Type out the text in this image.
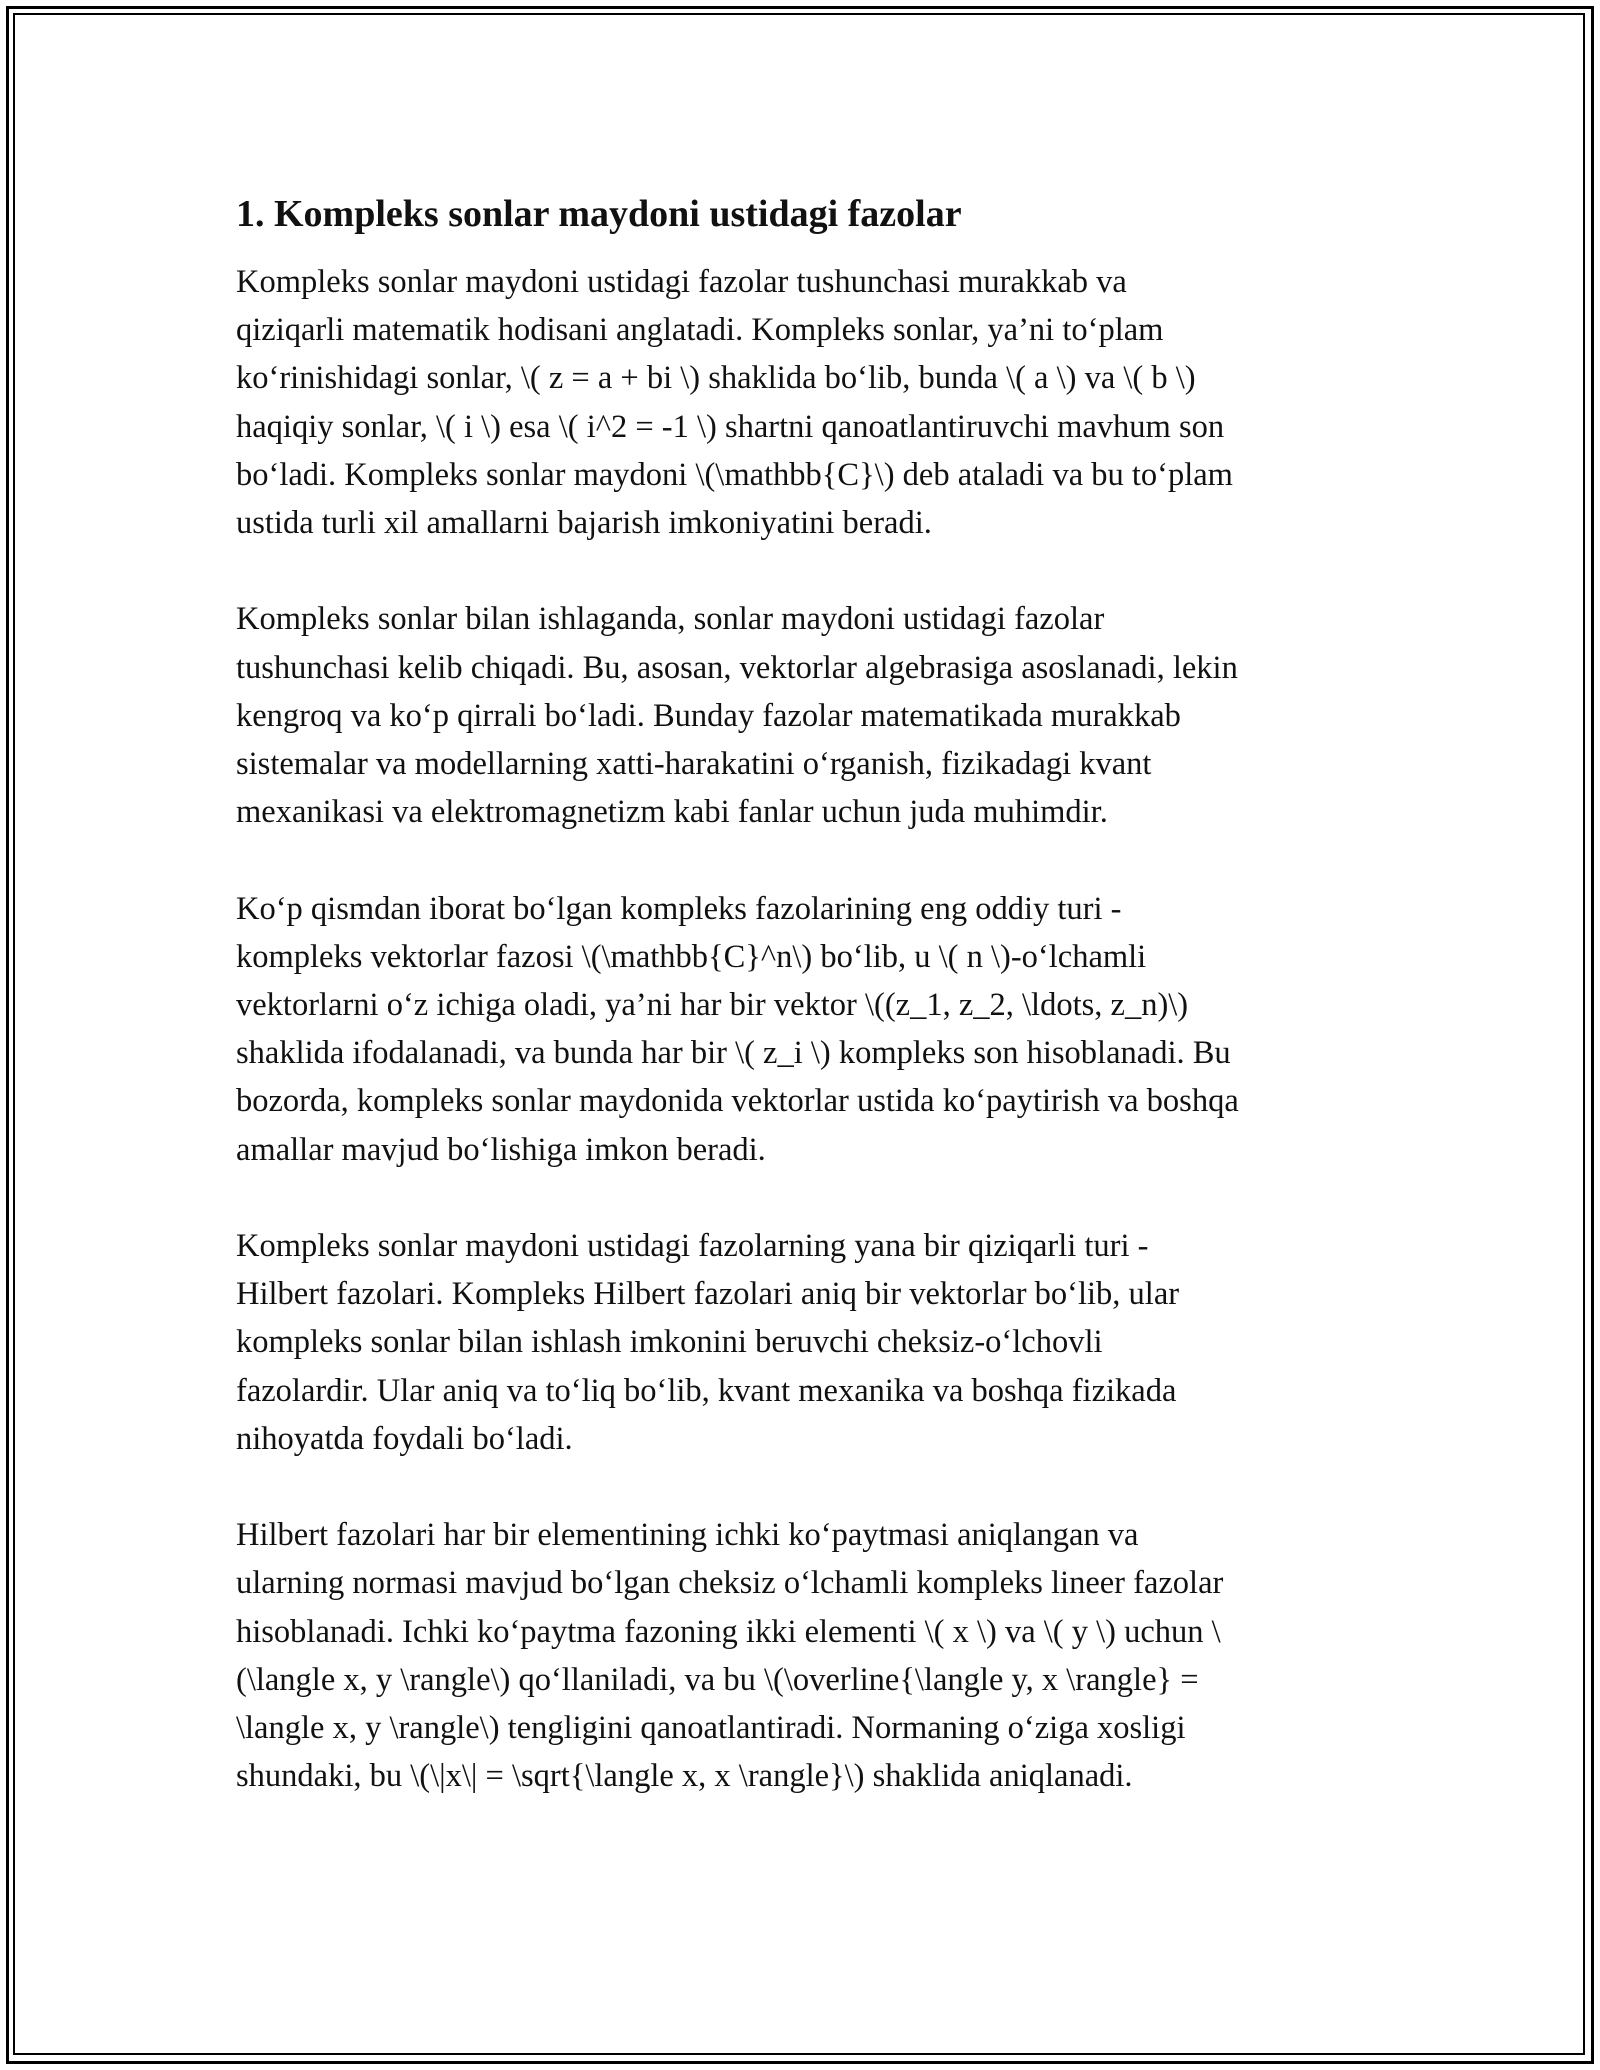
1. Kompleks sonlar maydoni ustidagi fazolar
Kompleks sonlar maydoni ustidagi fazolar tushunchasi murakkab va
qiziqarli matematik hodisani anglatadi. Kompleks sonlar, ya’ni to‘plam
ko‘rinishidagi sonlar, \( z = a + bi \) shaklida bo‘lib, bunda \( a \) va \( b \)
haqiqiy sonlar, \( i \) esa \( i^2 = -1 \) shartni qanoatlantiruvchi mavhum son
bo‘ladi. Kompleks sonlar maydoni \(\mathbb{C}\) deb ataladi va bu to‘plam
ustida turli xil amallarni bajarish imkoniyatini beradi.
Kompleks sonlar bilan ishlaganda, sonlar maydoni ustidagi fazolar
tushunchasi kelib chiqadi. Bu, asosan, vektorlar algebrasiga asoslanadi, lekin
kengroq va ko‘p qirrali bo‘ladi. Bunday fazolar matematikada murakkab
sistemalar va modellarning xatti-harakatini o‘rganish, fizikadagi kvant
mexanikasi va elektromagnetizm kabi fanlar uchun juda muhimdir.
Ko‘p qismdan iborat bo‘lgan kompleks fazolarining eng oddiy turi -
kompleks vektorlar fazosi \(\mathbb{C}^n\) bo‘lib, u \( n \)-o‘lchamli
vektorlarni o‘z ichiga oladi, ya’ni har bir vektor \((z_1, z_2, \ldots, z_n)\)
shaklida ifodalanadi, va bunda har bir \( z_i \) kompleks son hisoblanadi. Bu
bozorda, kompleks sonlar maydonida vektorlar ustida ko‘paytirish va boshqa
amallar mavjud bo‘lishiga imkon beradi.
Kompleks sonlar maydoni ustidagi fazolarning yana bir qiziqarli turi -
Hilbert fazolari. Kompleks Hilbert fazolari aniq bir vektorlar bo‘lib, ular
kompleks sonlar bilan ishlash imkonini beruvchi cheksiz-o‘lchovli
fazolardir. Ular aniq va to‘liq bo‘lib, kvant mexanika va boshqa fizikada
nihoyatda foydali bo‘ladi.
Hilbert fazolari har bir elementining ichki ko‘paytmasi aniqlangan va
ularning normasi mavjud bo‘lgan cheksiz o‘lchamli kompleks lineer fazolar
hisoblanadi. Ichki ko‘paytma fazoning ikki elementi \( x \) va \( y \) uchun \
(\langle x, y \rangle\) qo‘llaniladi, va bu \(\overline{\langle y, x \rangle} =
\langle x, y \rangle\) tengligini qanoatlantiradi. Normaning o‘ziga xosligi
shundaki, bu \(\|x\| = \sqrt{\langle x, x \rangle}\) shaklida aniqlanadi.
